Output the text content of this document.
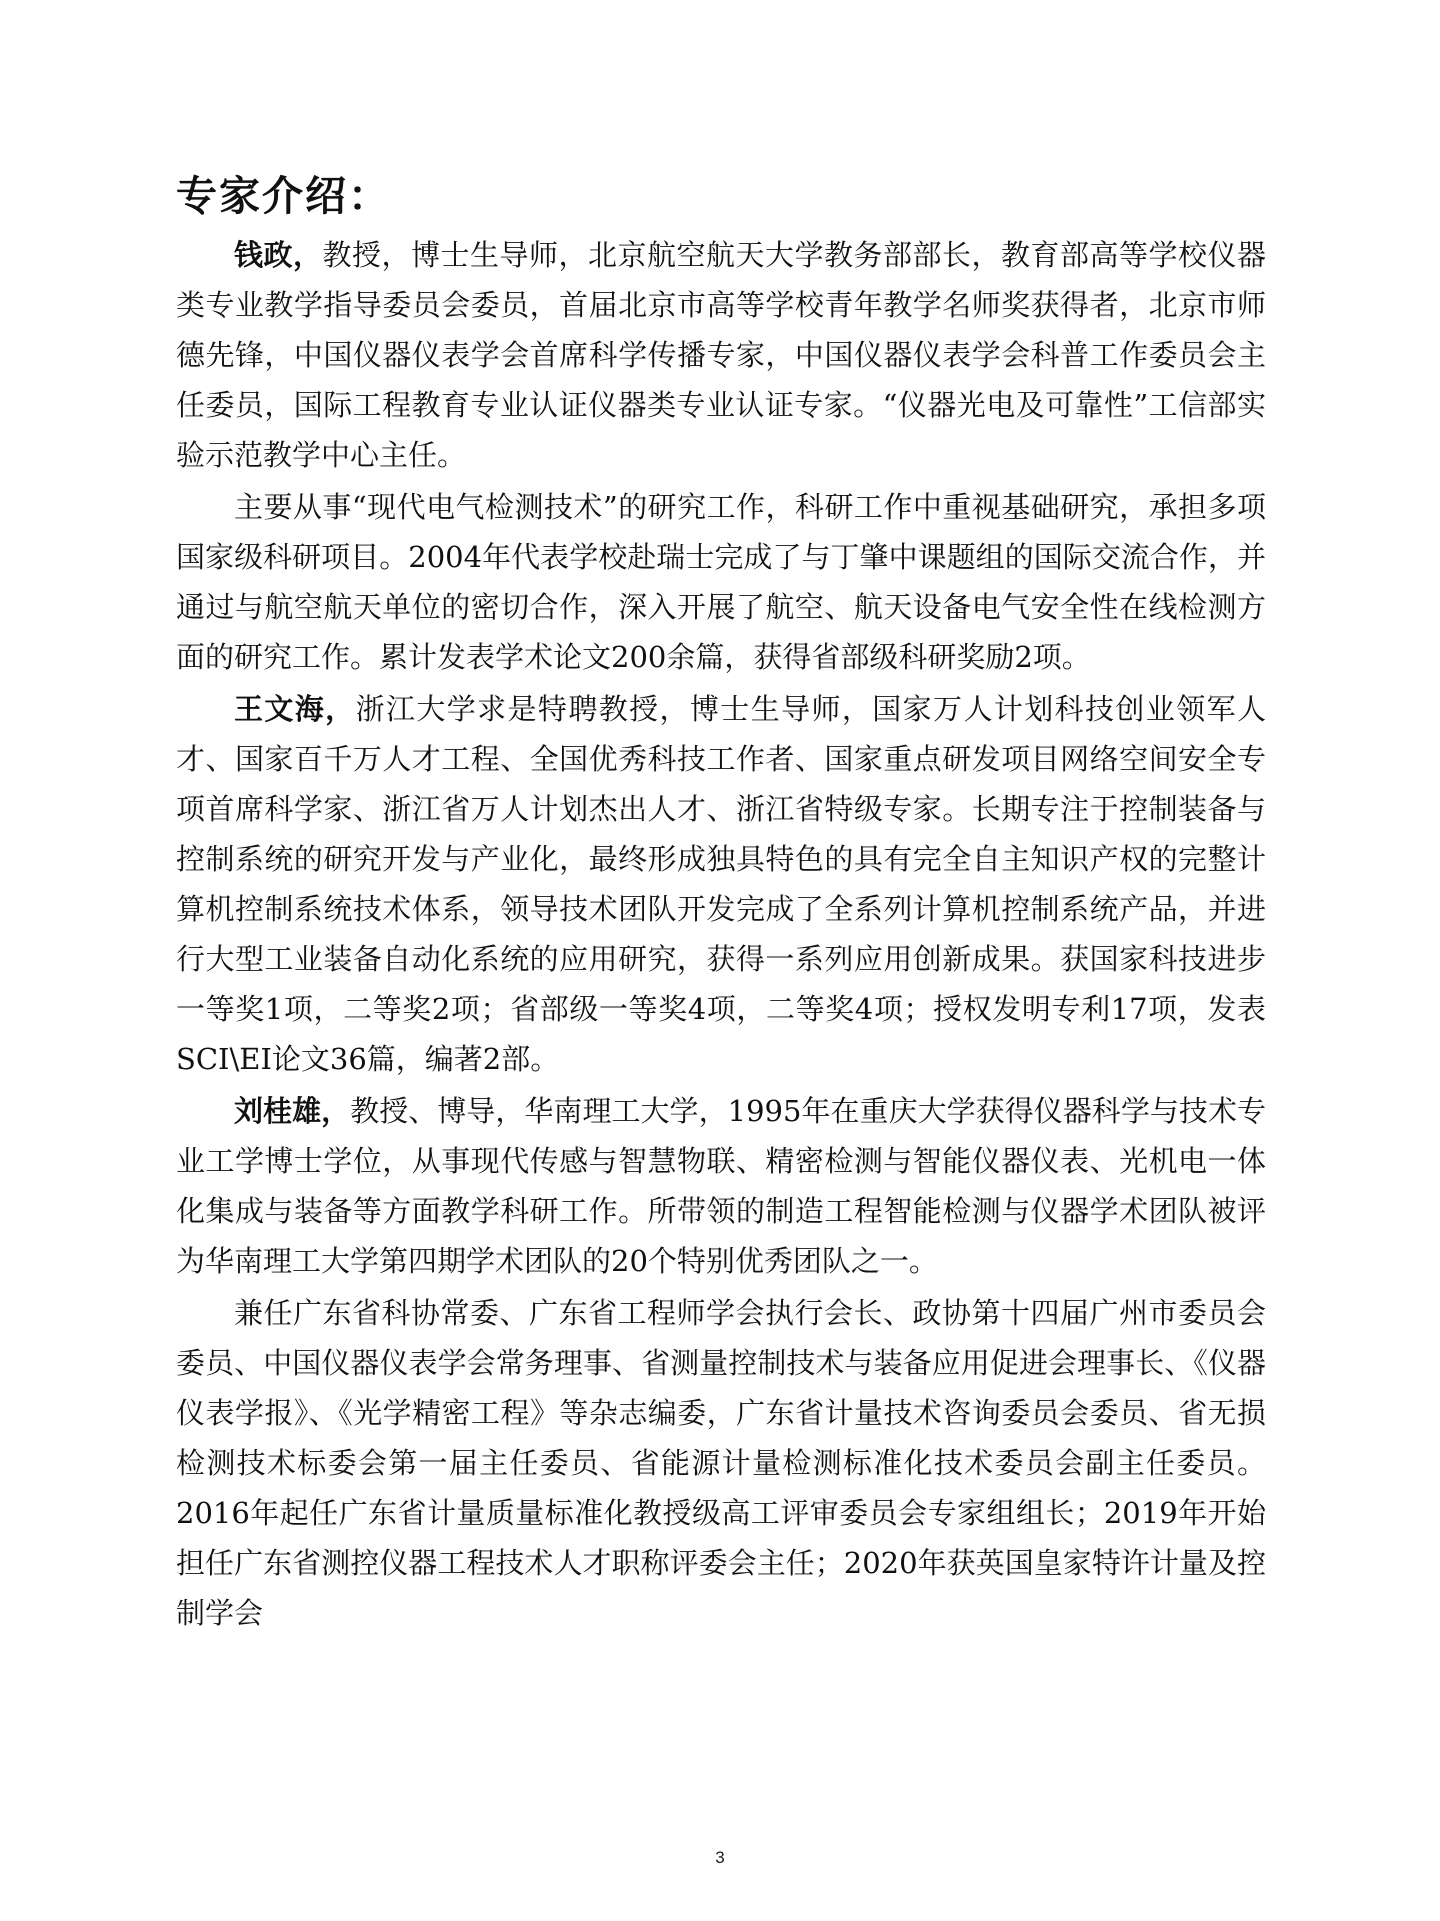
专家介绍：

钱政，教授，博士生导师，北京航空航天大学教务部部长，教育部高等学校仪器类专业教学指导委员会委员，首届北京市高等学校青年教学名师奖获得者，北京市师德先锋，中国仪器仪表学会首席科学传播专家，中国仪器仪表学会科普工作委员会主任委员，国际工程教育专业认证仪器类专业认证专家。“仪器光电及可靠性”工信部实验示范教学中心主任。

主要从事“现代电气检测技术”的研究工作，科研工作中重视基础研究，承担多项国家级科研项目。2004年代表学校赴瑞士完成了与丁肇中课题组的国际交流合作，并通过与航空航天单位的密切合作，深入开展了航空、航天设备电气安全性在线检测方面的研究工作。累计发表学术论文200余篇，获得省部级科研奖励2项。

王文海，浙江大学求是特聘教授，博士生导师，国家万人计划科技创业领军人才、国家百千万人才工程、全国优秀科技工作者、国家重点研发项目网络空间安全专项首席科学家、浙江省万人计划杰出人才、浙江省特级专家。长期专注于控制装备与控制系统的研究开发与产业化，最终形成独具特色的具有完全自主知识产权的完整计算机控制系统技术体系，领导技术团队开发完成了全系列计算机控制系统产品，并进行大型工业装备自动化系统的应用研究，获得一系列应用创新成果。获国家科技进步一等奖1项，二等奖2项；省部级一等奖4项，二等奖4项；授权发明专利17项，发表SCI\EI论文36篇，编著2部。

刘桂雄，教授、博导，华南理工大学，1995年在重庆大学获得仪器科学与技术专业工学博士学位，从事现代传感与智慧物联、精密检测与智能仪器仪表、光机电一体化集成与装备等方面教学科研工作。所带领的制造工程智能检测与仪器学术团队被评为华南理工大学第四期学术团队的20个特别优秀团队之一。

兼任广东省科协常委、广东省工程师学会执行会长、政协第十四届广州市委员会委员、中国仪器仪表学会常务理事、省测量控制技术与装备应用促进会理事长、《仪器仪表学报》、《光学精密工程》等杂志编委，广东省计量技术咨询委员会委员、省无损检测技术标委会第一届主任委员、省能源计量检测标准化技术委员会副主任委员。2016年起任广东省计量质量标准化教授级高工评审委员会专家组组长；2019年开始担任广东省测控仪器工程技术人才职称评委会主任；2020年获英国皇家特许计量及控制学会

3
